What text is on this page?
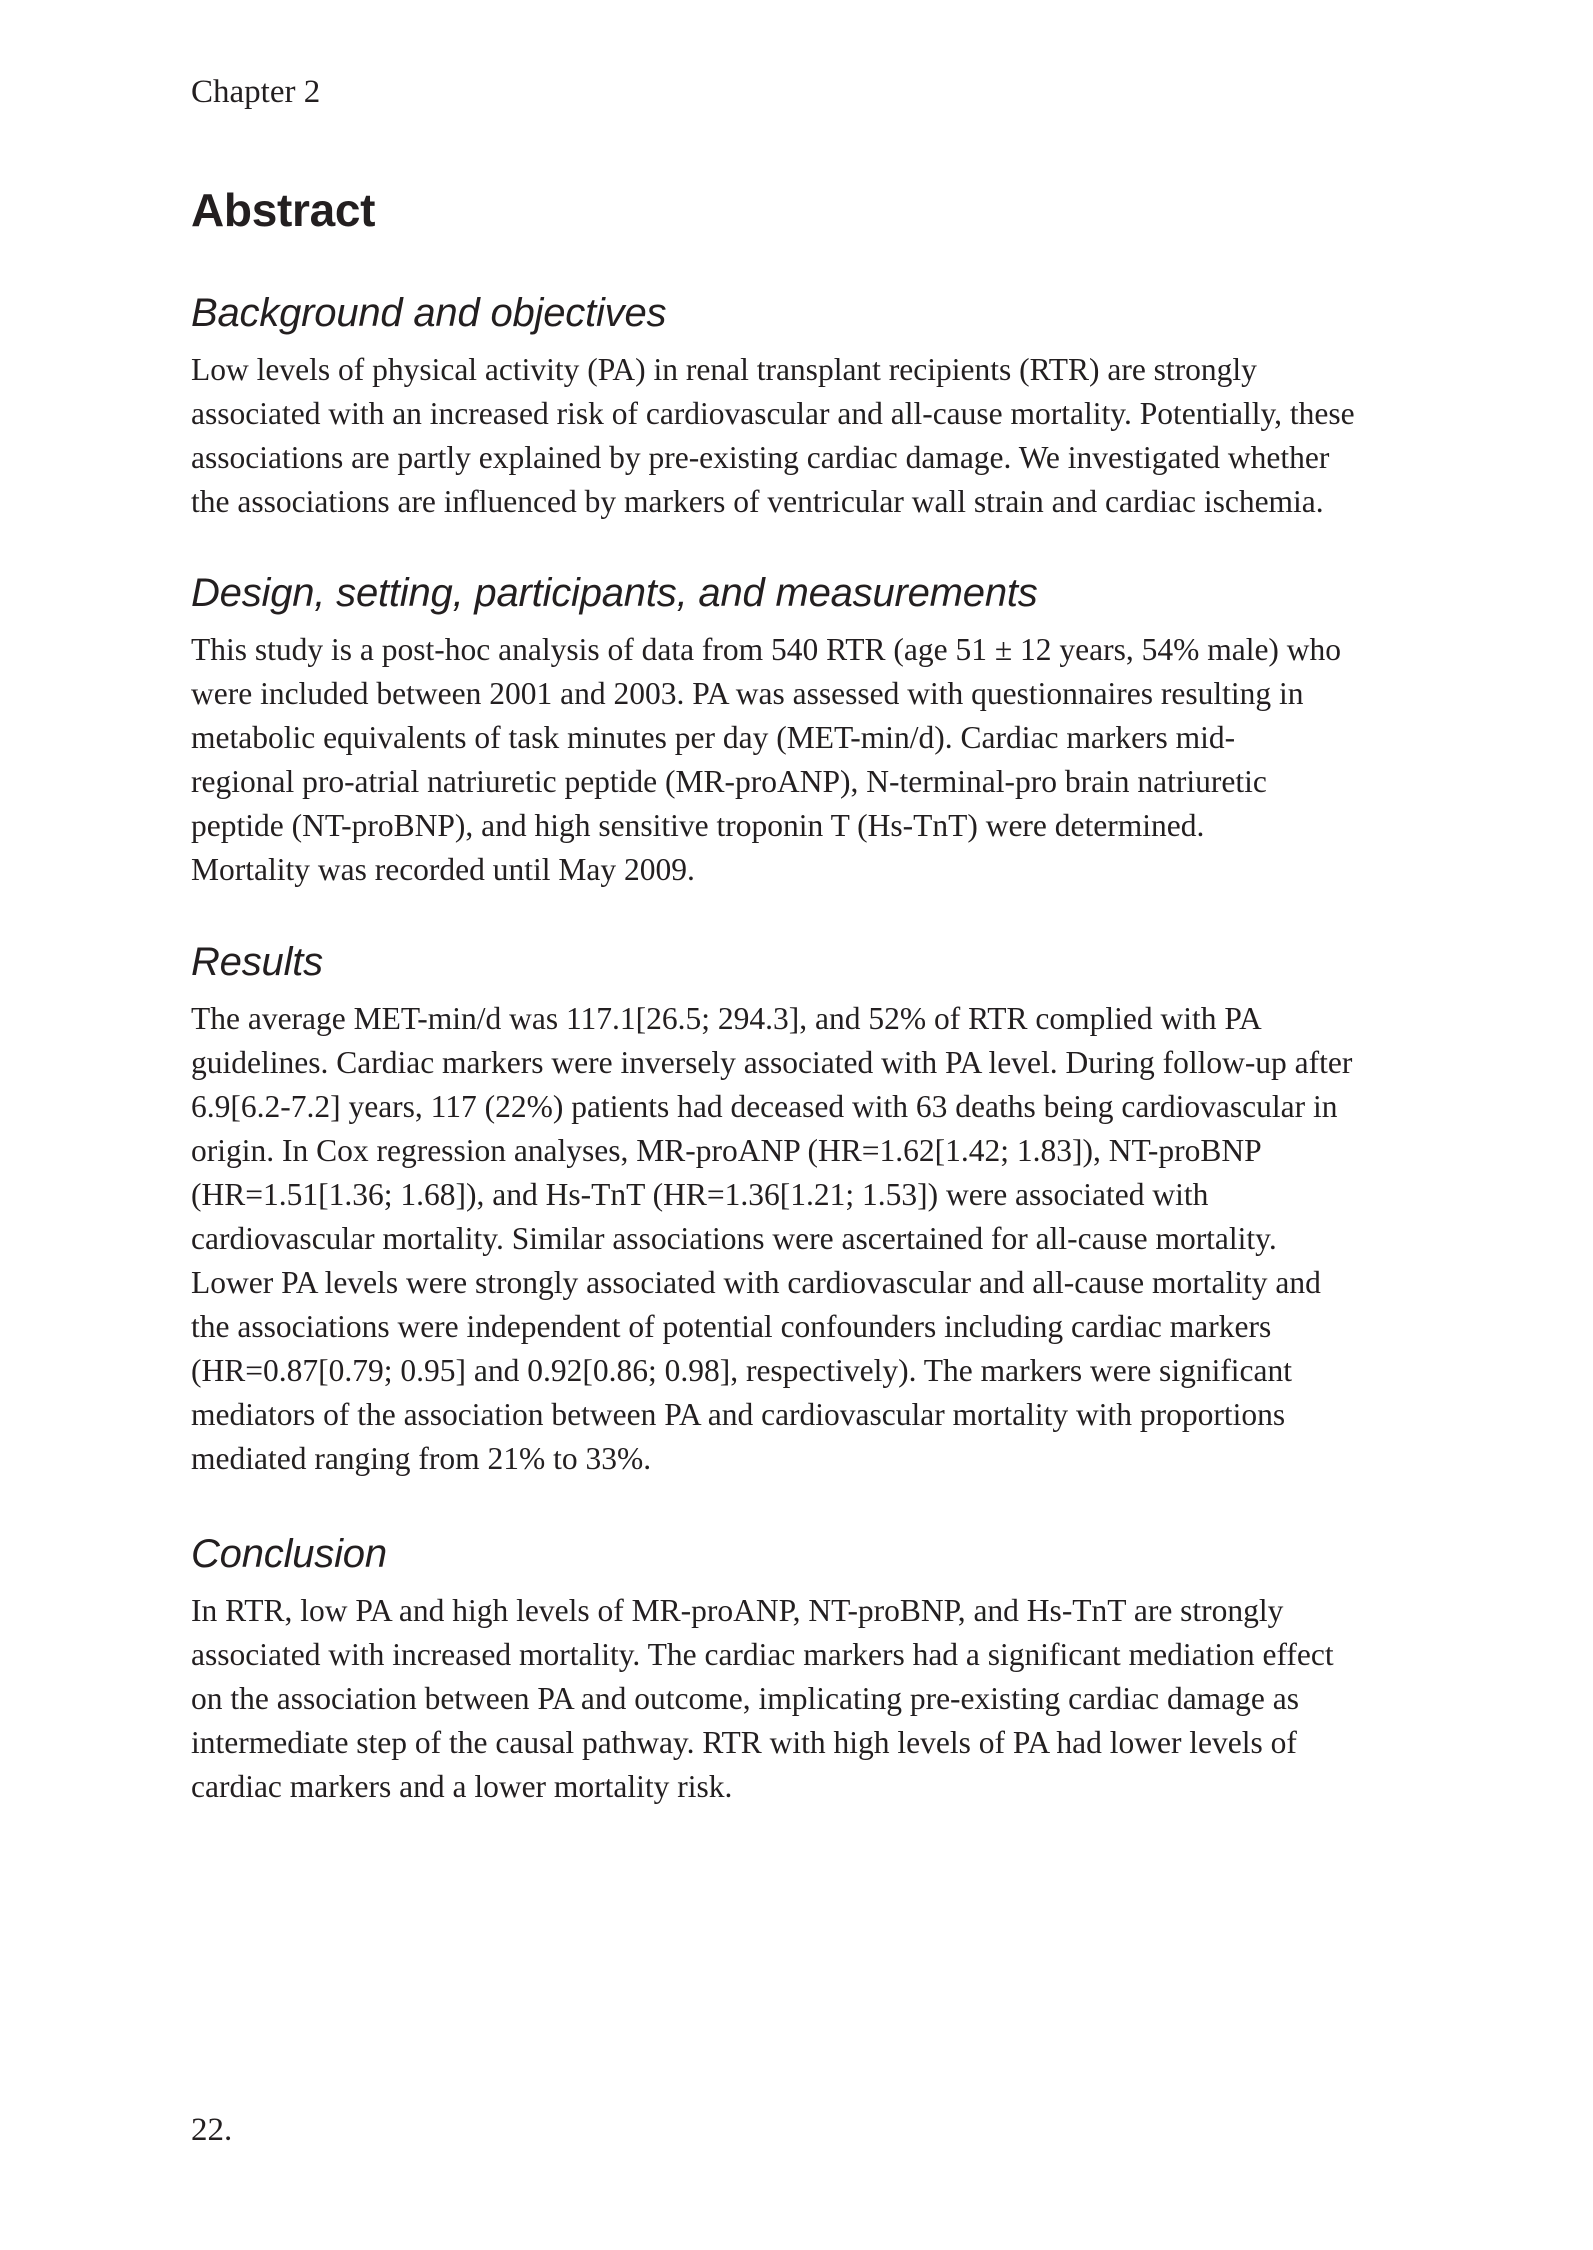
Chapter 2

Abstract
Background and objectives

Low levels of physical activity (PA) in renal transplant recipients (RTR) are strongly
associated with an increased risk of cardiovascular and all-cause mortality. Potentially, these
associations are partly explained by pre-existing cardiac damage. We investigated whether
the associations are influenced by markers of ventricular wall strain and cardiac ischemia.

Design, setting, participants, and measurements

This study is a post-hoc analysis of data from 540 RTR (age 51 ± 12 years, 54% male) who
were included between 2001 and 2003. PA was assessed with questionnaires resulting in
metabolic equivalents of task minutes per day (MET-min/d). Cardiac markers mid-
regional pro-atrial natriuretic peptide (MR-proANP), N-terminal-pro brain natriuretic
peptide (NT-proBNP), and high sensitive troponin T (Hs-TnT) were determined.
Mortality was recorded until May 2009.

Results

The average MET-min/d was 117.1[26.5; 294.3], and 52% of RTR complied with PA
guidelines. Cardiac markers were inversely associated with PA level. During follow-up after
6.9[6.2-7.2] years, 117 (22%) patients had deceased with 63 deaths being cardiovascular in
origin. In Cox regression analyses, MR-proANP (HR=1.62[1.42; 1.83]), NT-proBNP
(HR=1.51[1.36; 1.68]), and Hs-TnT (HR=1.36[1.21; 1.53]) were associated with
cardiovascular mortality. Similar associations were ascertained for all-cause mortality.
Lower PA levels were strongly associated with cardiovascular and all-cause mortality and
the associations were independent of potential confounders including cardiac markers
(HR=0.87[0.79; 0.95] and 0.92[0.86; 0.98], respectively). The markers were significant
mediators of the association between PA and cardiovascular mortality with proportions
mediated ranging from 21% to 33%.

Conclusion

In RTR, low PA and high levels of MR-proANP, NT-proBNP, and Hs-TnT are strongly
associated with increased mortality. The cardiac markers had a significant mediation effect
on the association between PA and outcome, implicating pre-existing cardiac damage as
intermediate step of the causal pathway. RTR with high levels of PA had lower levels of
cardiac markers and a lower mortality risk.

22.
